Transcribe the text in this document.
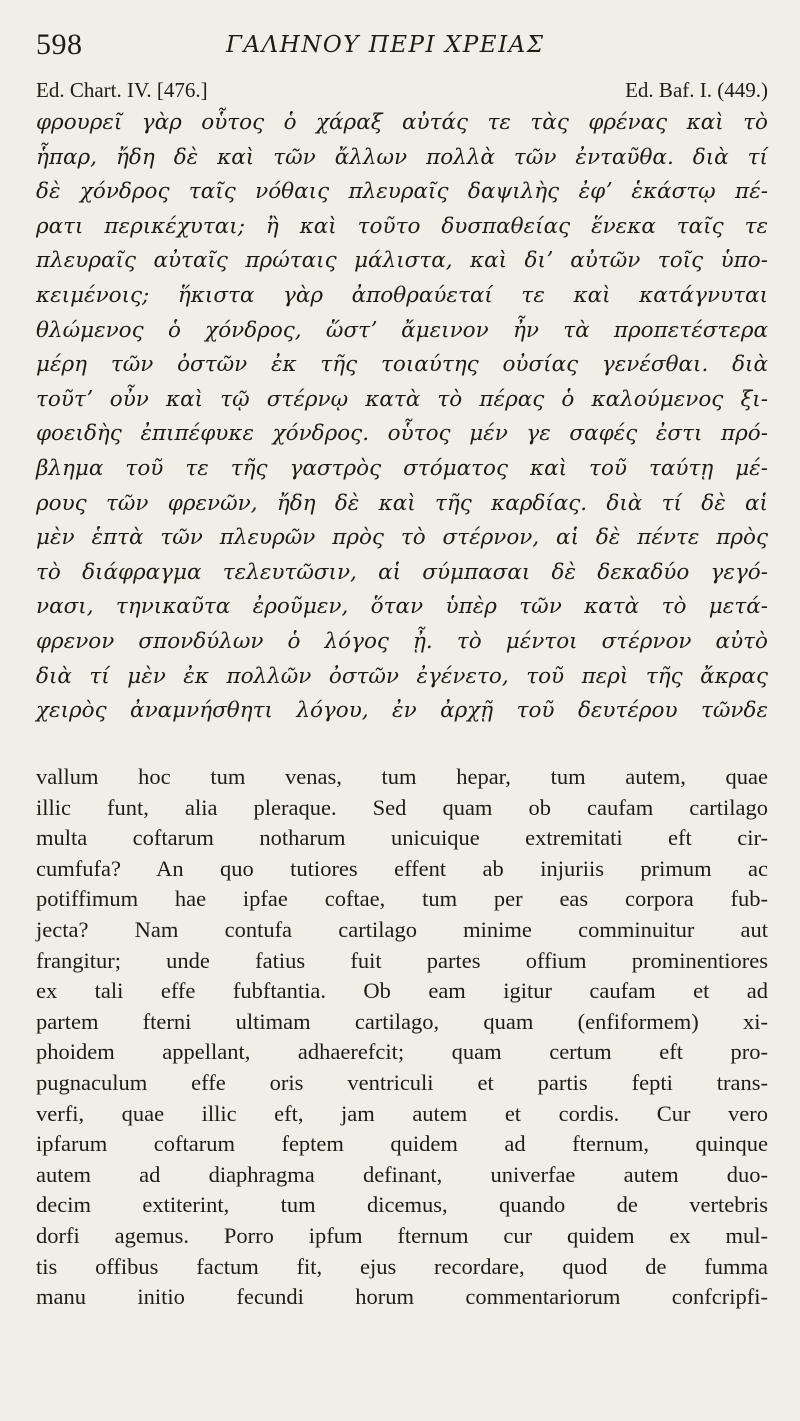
598	ΓΑΛΗΝΟΥ ΠΕΡΙ ΧΡΕΙΑΣ
Ed. Chart. IV. [476.]	Ed. Baf. I. (449.)
φρουρεῖ γὰρ οὗτος ὁ χάραξ αὐτάς τε τὰς φρένας καὶ τὸ
ἧπαρ, ἤδη δὲ καὶ τῶν ἄλλων πολλὰ τῶν ἐνταῦθα. διὰ τί
δὲ χόνδρος ταῖς νόθαις πλευραῖς δαψιλὴς ἐφʼ ἑκάστῳ πέ-
ρατι περικέχυται; ἢ καὶ τοῦτο δυσπαθείας ἕνεκα ταῖς τε
πλευραῖς αὐταῖς πρώταις μάλιστα, καὶ διʼ αὐτῶν τοῖς ὑπο-
κειμένοις; ἥκιστα γὰρ ἀποθραύεταί τε καὶ κατάγνυται
θλώμενος ὁ χόνδρος, ὥστʼ ἄμεινον ἦν τὰ προπετέστερα
μέρη τῶν ὀστῶν ἐκ τῆς τοιαύτης οὐσίας γενέσθαι. διὰ
τοῦτʼ οὖν καὶ τῷ στέρνῳ κατὰ τὸ πέρας ὁ καλούμενος ξι-
φοειδὴς ἐπιπέφυκε χόνδρος. οὗτος μέν γε σαφές ἐστι πρό-
βλημα τοῦ τε τῆς γαστρὸς στόματος καὶ τοῦ ταύτῃ μέ-
ρους τῶν φρενῶν, ἤδη δὲ καὶ τῆς καρδίας. διὰ τί δὲ αἱ
μὲν ἑπτὰ τῶν πλευρῶν πρὸς τὸ στέρνον, αἱ δὲ πέντε πρὸς
τὸ διάφραγμα τελευτῶσιν, αἱ σύμπασαι δὲ δεκαδύο γεγό-
νασι, τηνικαῦτα ἐροῦμεν, ὅταν ὑπὲρ τῶν κατὰ τὸ μετά-
φρενον σπονδύλων ὁ λόγος ᾖ. τὸ μέντοι στέρνον αὐτὸ
διὰ τί μὲν ἐκ πολλῶν ὀστῶν ἐγένετο, τοῦ περὶ τῆς ἄκρας
χειρὸς ἀναμνήσθητι λόγου, ἐν ἀρχῇ τοῦ δευτέρου τῶνδε
vallum hoc tum venas, tum hepar, tum autem, quae
illic funt, alia pleraque. Sed quam ob caufam cartilago
multa coftarum notharum unicuique extremitati eft cir-
cumfufa? An quo tutiores effent ab injuriis primum ac
potiffimum hae ipfae coftae, tum per eas corpora fub-
jecta? Nam contufa cartilago minime comminuitur aut
frangitur; unde fatius fuit partes offium prominentiores
ex tali effe fubftantia. Ob eam igitur caufam et ad
partem fterni ultimam cartilago, quam (enfiformem) xi-
phoidem appellant, adhaerefcit; quam certum eft pro-
pugnaculum effe oris ventriculi et partis fepti trans-
verfi, quae illic eft, jam autem et cordis. Cur vero
ipfarum coftarum feptem quidem ad fternum, quinque
autem ad diaphragma definant, univerfae autem duo-
decim extiterint, tum dicemus, quando de vertebris
dorfi agemus. Porro ipfum fternum cur quidem ex mul-
tis offibus factum fit, ejus recordare, quod de fumma
manu initio fecundi horum commentariorum confcripfi-
